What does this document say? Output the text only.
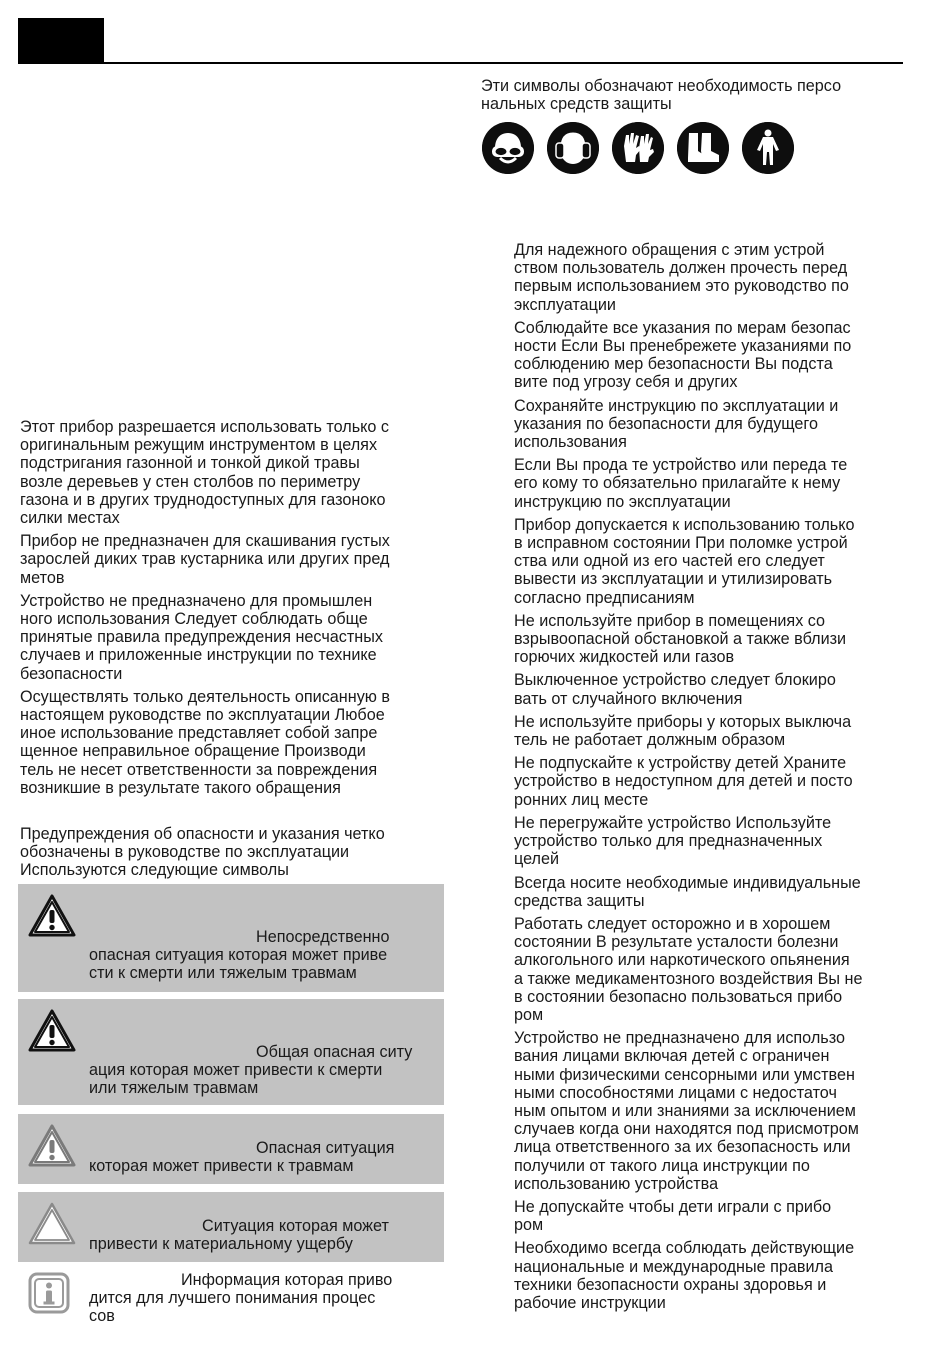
Эти символы обозначают необходимость персо
нальных средств защиты

Этот прибор разрешается использовать только с
оригинальным режущим инструментом в целях
подстригания газонной и тонкой дикой травы
возле деревьев у стен столбов по периметру
газона и в других труднодоступных для газоноко
силки местах

Прибор не предназначен для скашивания густых
зарослей диких трав кустарника или других пред
метов

Устройство не предназначено для промышлен
ного использования Следует соблюдать обще
принятые правила предупреждения несчастных
случаев и приложенные инструкции по технике
безопасности

Осуществлять только деятельность описанную в
настоящем руководстве по эксплуатации Любое
иное использование представляет собой запре
щенное неправильное обращение Производи
тель не несет ответственности за повреждения
возникшие в результате такого обращения

Предупреждения об опасности и указания четко
обозначены в руководстве по эксплуатации
Используются следующие символы

Непосредственно
опасная ситуация которая может приве
сти к смерти или тяжелым травмам
Общая опасная ситу
ация которая может привести к смерти
или тяжелым травмам
Опасная ситуация
которая может привести к травмам
Ситуация которая может
привести к материальному ущербу
Информация которая приво
дится для лучшего понимания процес
сов

Для надежного обращения с этим устрой
ством пользователь должен прочесть перед
первым использованием это руководство по
эксплуатации

Соблюдайте все указания по мерам безопас
ности Если Вы пренебрежете указаниями по
соблюдению мер безопасности Вы подста
вите под угрозу себя и других

Сохраняйте инструкцию по эксплуатации и
указания по безопасности для будущего
использования

Если Вы прода те устройство или переда те
его кому то обязательно прилагайте к нему
инструкцию по эксплуатации

Прибор допускается к использованию только
в исправном состоянии При поломке устрой
ства или одной из его частей его следует
вывести из эксплуатации и утилизировать
согласно предписаниям

Не используйте прибор в помещениях со
взрывоопасной обстановкой а также вблизи
горючих жидкостей или газов

Выключенное устройство следует блокиро
вать от случайного включения

Не используйте приборы у которых выключа
тель не работает должным образом

Не подпускайте к устройству детей Храните
устройство в недоступном для детей и посто
ронних лиц месте

Не перегружайте устройство Используйте
устройство только для предназначенных
целей

Всегда носите необходимые индивидуальные
средства защиты

Работать следует осторожно и в хорошем
состоянии В результате усталости болезни
алкогольного или наркотического опьянения
а также медикаментозного воздействия Вы не
в состоянии безопасно пользоваться прибо
ром

Устройство не предназначено для использо
вания лицами включая детей с ограничен
ными физическими сенсорными или умствен
ными способностями лицами с недостаточ
ным опытом и или знаниями за исключением
случаев когда они находятся под присмотром
лица ответственного за их безопасность или
получили от такого лица инструкции по
использованию устройства

Не допускайте чтобы дети играли с прибо
ром

Необходимо всегда соблюдать действующие
национальные и международные правила
техники безопасности охраны здоровья и
рабочие инструкции
